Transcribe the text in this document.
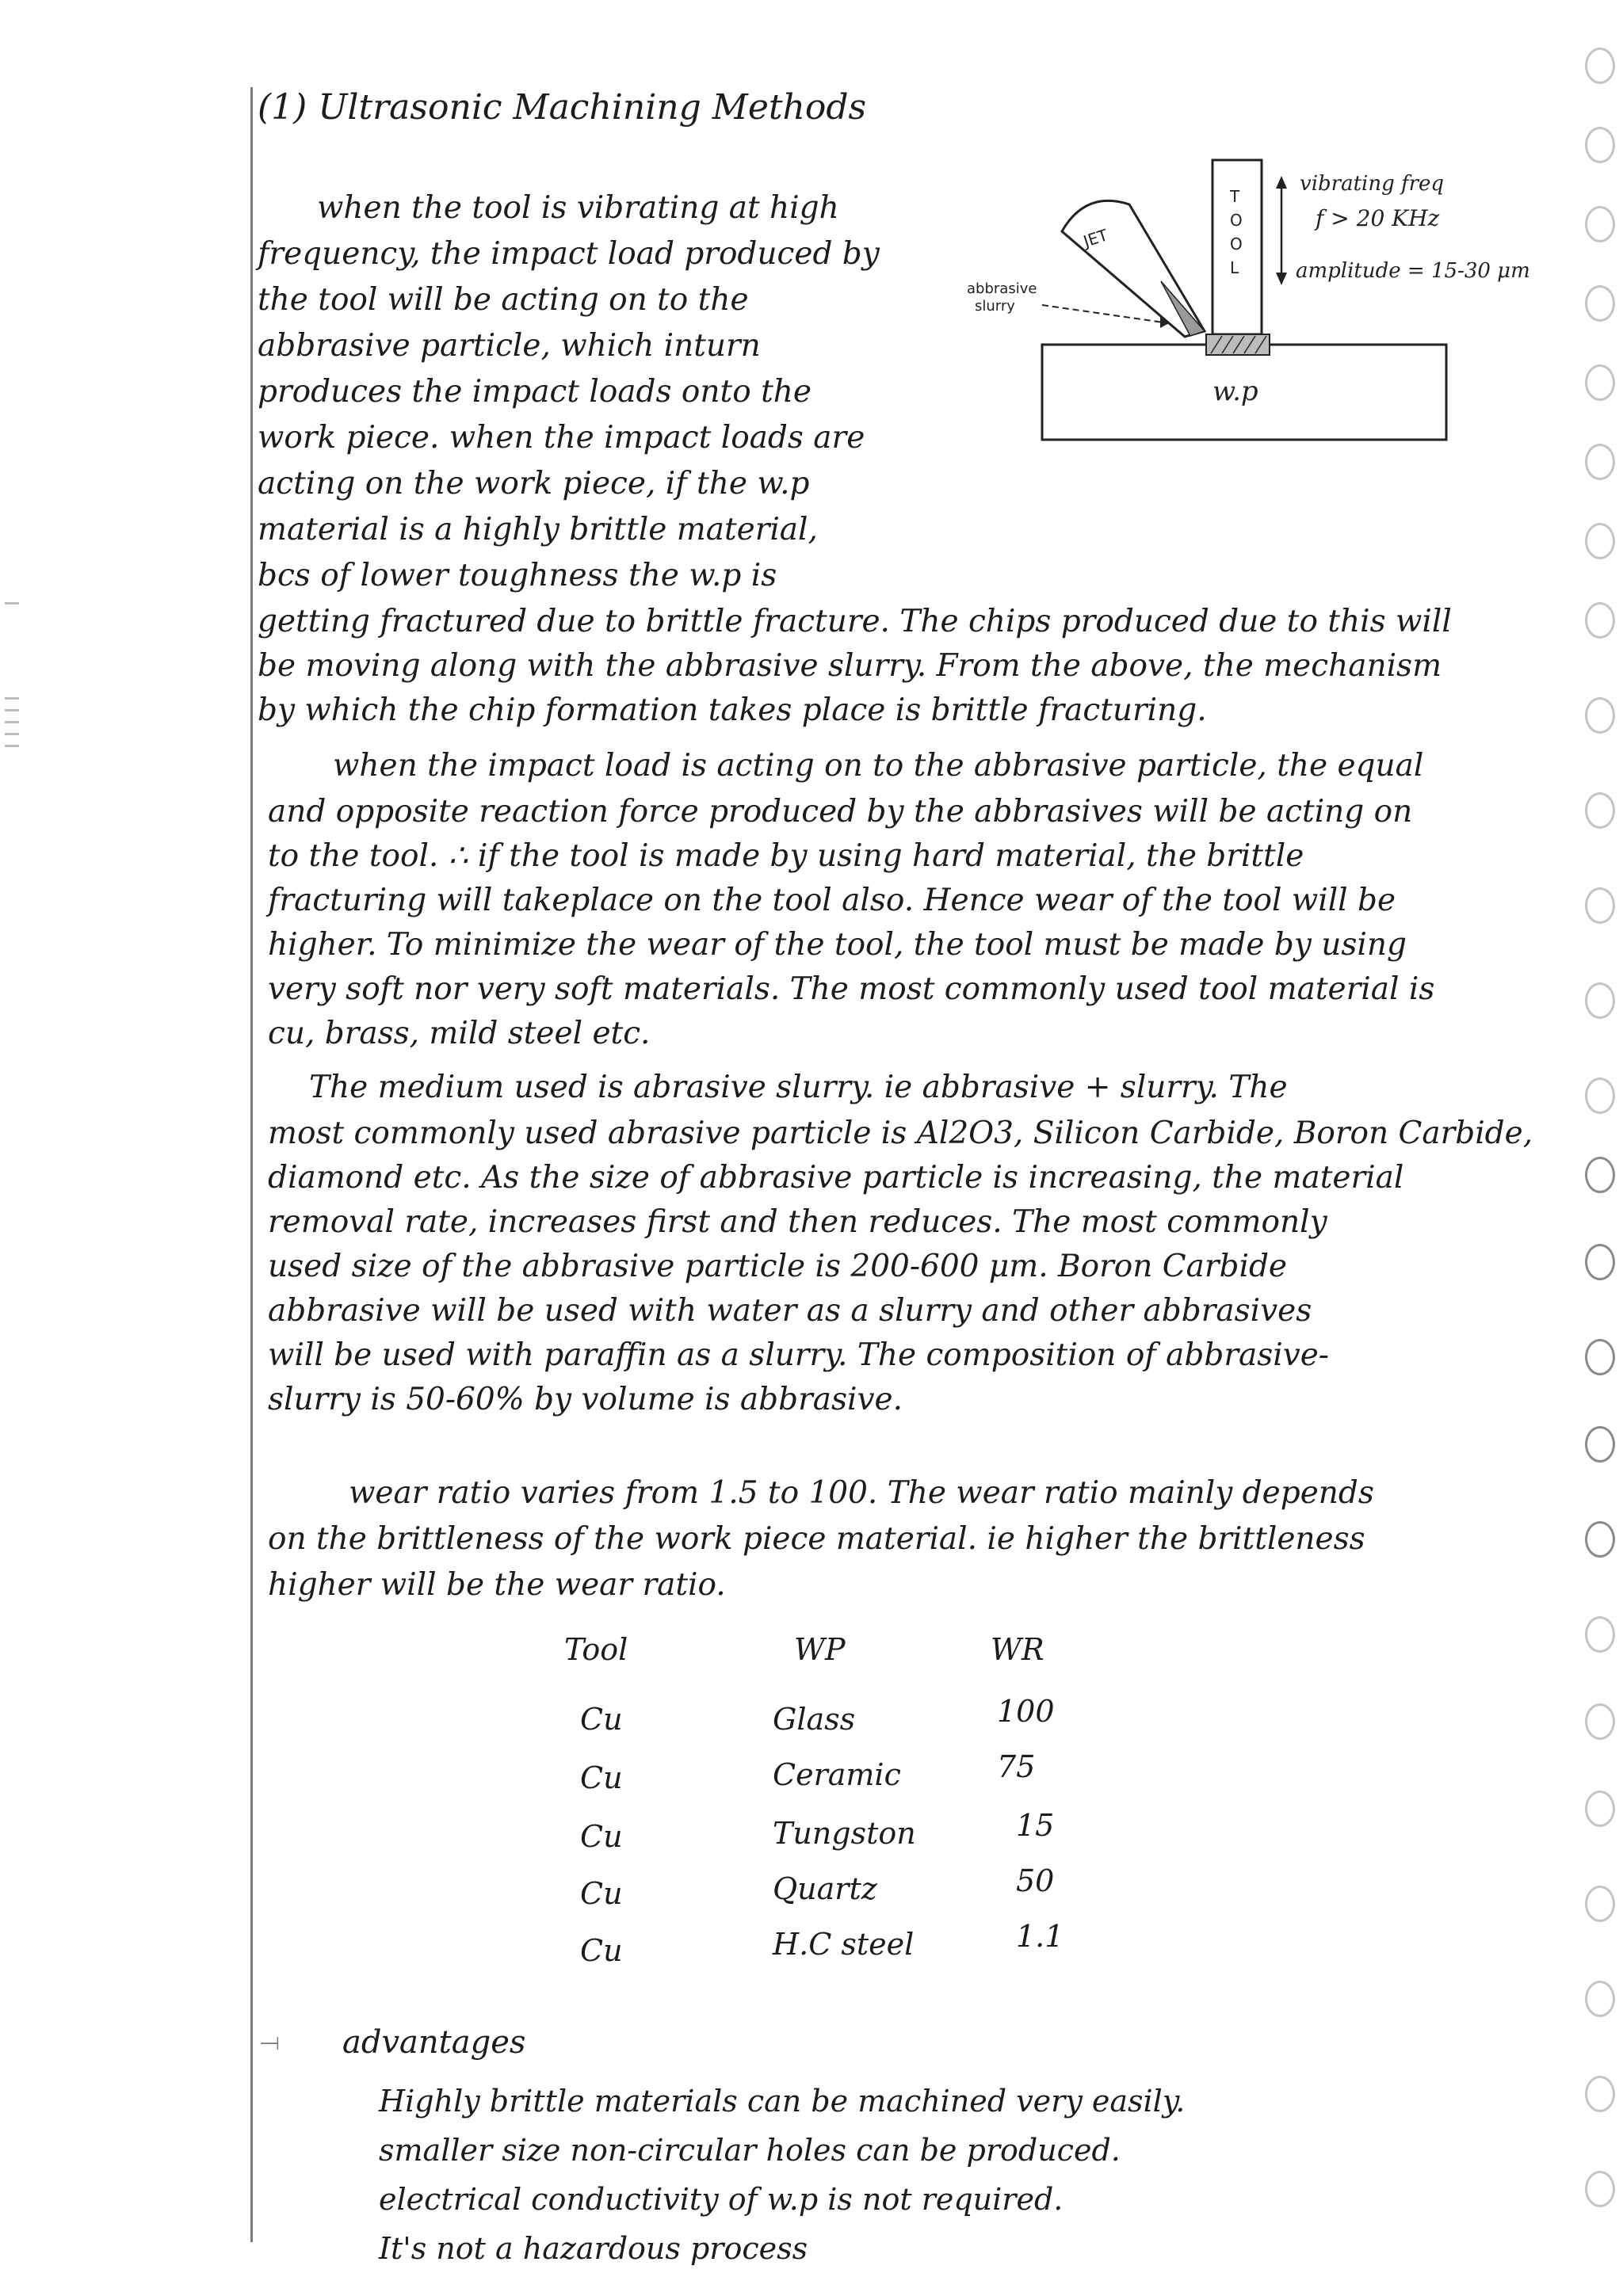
(1) Ultrasonic Machining Methods
when the tool is vibrating at high
frequency, the impact load produced by
the tool will be acting on to the
abbrasive particle, which inturn
produces the impact loads onto the
work piece. when the impact loads are
acting on the work piece, if the w.p
material is a highly brittle material,
bcs of lower toughness the w.p is
getting fractured due to brittle fracture. The chips produced due to this will
be moving along with the abbrasive slurry. From the above, the mechanism
by which the chip formation takes place is brittle fracturing.
w.p
T
O
O
L
JET
abbrasive
slurry
vibrating freq
f > 20 KHz
amplitude = 15-30 μm
when the impact load is acting on to the abbrasive particle, the equal
and opposite reaction force produced by the abbrasives will be acting on
to the tool. ∴ if the tool is made by using hard material, the brittle
fracturing will takeplace on the tool also. Hence wear of the tool will be
higher. To minimize the wear of the tool, the tool must be made by using
very soft nor very soft materials. The most commonly used tool material is
cu, brass, mild steel etc.
The medium used is abrasive slurry. ie abbrasive + slurry. The
most commonly used abrasive particle is Al2O3, Silicon Carbide, Boron Carbide,
diamond etc. As the size of abbrasive particle is increasing, the material
removal rate, increases first and then reduces. The most commonly
used size of the abbrasive particle is 200-600 μm. Boron Carbide
abbrasive will be used with water as a slurry and other abbrasives
will be used with paraffin as a slurry. The composition of abbrasive-
slurry is 50-60% by volume is abbrasive.
wear ratio varies from 1.5 to 100. The wear ratio mainly depends
on the brittleness of the work piece material. ie higher the brittleness
higher will be the wear ratio.
Tool	WP	WR
Cu	Glass	100
Cu	Ceramic	75
Cu	Tungston	15
Cu	Quartz	50
Cu	H.C steel	1.1
⟞ advantages
Highly brittle materials can be machined very easily.
smaller size non-circular holes can be produced.
electrical conductivity of w.p is not required.
It's not a hazardous process
